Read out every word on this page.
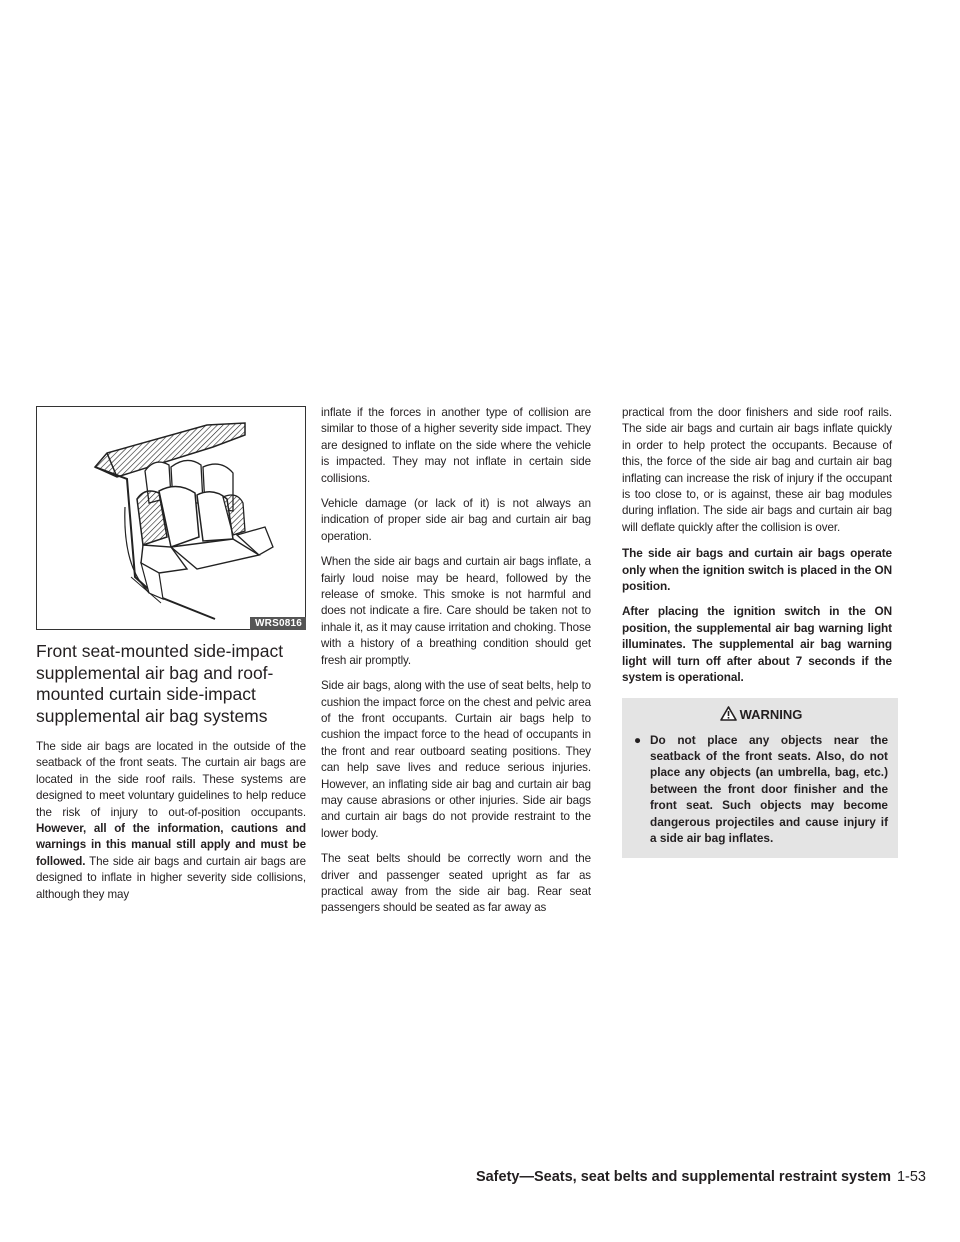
WRS0816
Front seat-mounted side-impact supplemental air bag and roof-mounted curtain side-impact supplemental air bag systems

The side air bags are located in the outside of the seatback of the front seats. The curtain air bags are located in the side roof rails. These systems are designed to meet voluntary guidelines to help reduce the risk of injury to out-of-position occupants. However, all of the information, cautions and warnings in this manual still apply and must be followed. The side air bags and curtain air bags are designed to inflate in higher severity side collisions, although they may

inflate if the forces in another type of collision are similar to those of a higher severity side impact. They are designed to inflate on the side where the vehicle is impacted. They may not inflate in certain side collisions.

Vehicle damage (or lack of it) is not always an indication of proper side air bag and curtain air bag operation.

When the side air bags and curtain air bags inflate, a fairly loud noise may be heard, followed by the release of smoke. This smoke is not harmful and does not indicate a fire. Care should be taken not to inhale it, as it may cause irritation and choking. Those with a history of a breathing condition should get fresh air promptly.

Side air bags, along with the use of seat belts, help to cushion the impact force on the chest and pelvic area of the front occupants. Curtain air bags help to cushion the impact force to the head of occupants in the front and rear outboard seating positions. They can help save lives and reduce serious injuries. However, an inflating side air bag and curtain air bag may cause abrasions or other injuries. Side air bags and curtain air bags do not provide restraint to the lower body.

The seat belts should be correctly worn and the driver and passenger seated upright as far as practical away from the side air bag. Rear seat passengers should be seated as far away as

practical from the door finishers and side roof rails. The side air bags and curtain air bags inflate quickly in order to help protect the occupants. Because of this, the force of the side air bag and curtain air bag inflating can increase the risk of injury if the occupant is too close to, or is against, these air bag modules during inflation. The side air bags and curtain air bag will deflate quickly after the collision is over.

The side air bags and curtain air bags operate only when the ignition switch is placed in the ON position.

After placing the ignition switch in the ON position, the supplemental air bag warning light illuminates. The supplemental air bag warning light will turn off after about 7 seconds if the system is operational.

WARNING
● Do not place any objects near the seatback of the front seats. Also, do not place any objects (an umbrella, bag, etc.) between the front door finisher and the front seat. Such objects may become dangerous projectiles and cause injury if a side air bag inflates.
Safety—Seats, seat belts and supplemental restraint system 1-53
